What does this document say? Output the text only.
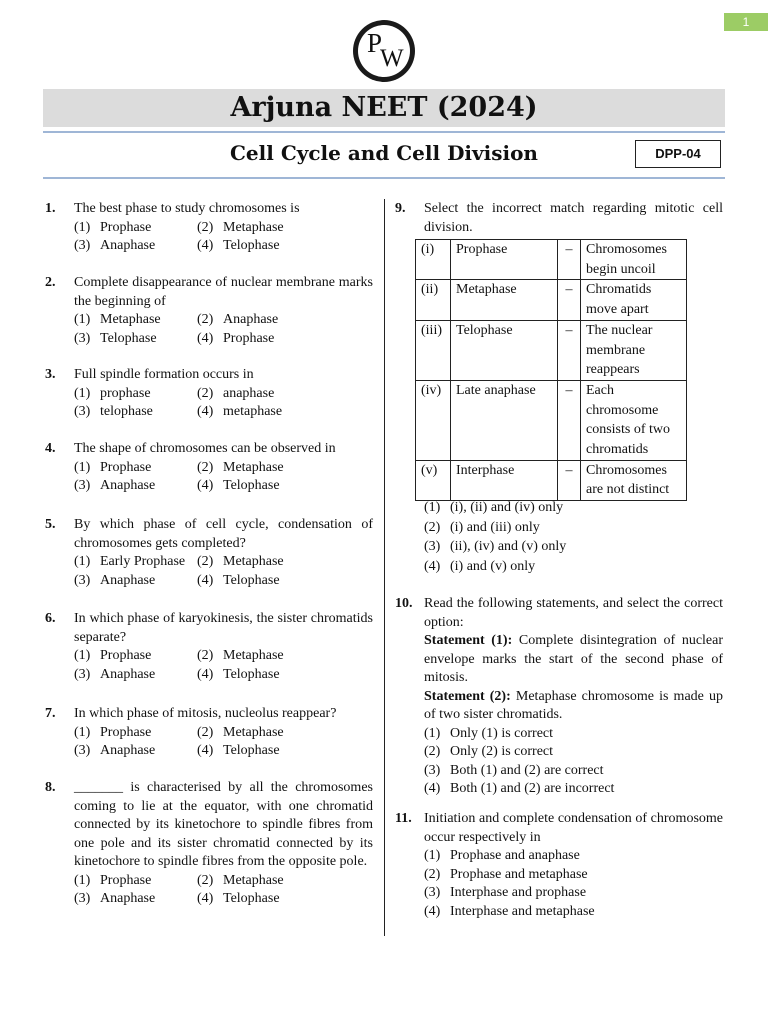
1
P
W
Arjuna NEET (2024)
Cell Cycle and Cell Division	DPP-04
1. The best phase to study chromosomes is
(1) Prophase	(2) Metaphase
(3) Anaphase	(4) Telophase
2. Complete disappearance of nuclear membrane marks the beginning of
(1) Metaphase	(2) Anaphase
(3) Telophase	(4) Prophase
3. Full spindle formation occurs in
(1) prophase	(2) anaphase
(3) telophase	(4) metaphase
4. The shape of chromosomes can be observed in
(1) Prophase	(2) Metaphase
(3) Anaphase	(4) Telophase
5. By which phase of cell cycle, condensation of chromosomes gets completed?
(1) Early Prophase (2) Metaphase
(3) Anaphase	(4) Telophase
6. In which phase of karyokinesis, the sister chromatids separate?
(1) Prophase	(2) Metaphase
(3) Anaphase	(4) Telophase
7. In which phase of mitosis, nucleolus reappear?
(1) Prophase	(2) Metaphase
(3) Anaphase	(4) Telophase
8. _______ is characterised by all the chromosomes coming to lie at the equator, with one chromatid connected by its kinetochore to spindle fibres from one pole and its sister chromatid connected by its kinetochore to spindle fibres from the opposite pole.
(1) Prophase	(2) Metaphase
(3) Anaphase	(4) Telophase
9. Select the incorrect match regarding mitotic cell division.
(i)	Prophase	–	Chromosomes begin uncoil
(ii)	Metaphase	–	Chromatids move apart
(iii)	Telophase	–	The nuclear membrane reappears
(iv)	Late anaphase	–	Each chromosome consists of two chromatids
(v)	Interphase	–	Chromosomes are not distinct
(1) (i), (ii) and (iv) only
(2) (i) and (iii) only
(3) (ii), (iv) and (v) only
(4) (i) and (v) only
10. Read the following statements, and select the correct option:
Statement (1): Complete disintegration of nuclear envelope marks the start of the second phase of mitosis.
Statement (2): Metaphase chromosome is made up of two sister chromatids.
(1) Only (1) is correct
(2) Only (2) is correct
(3) Both (1) and (2) are correct
(4) Both (1) and (2) are incorrect
11. Initiation and complete condensation of chromosome occur respectively in
(1) Prophase and anaphase
(2) Prophase and metaphase
(3) Interphase and prophase
(4) Interphase and metaphase
